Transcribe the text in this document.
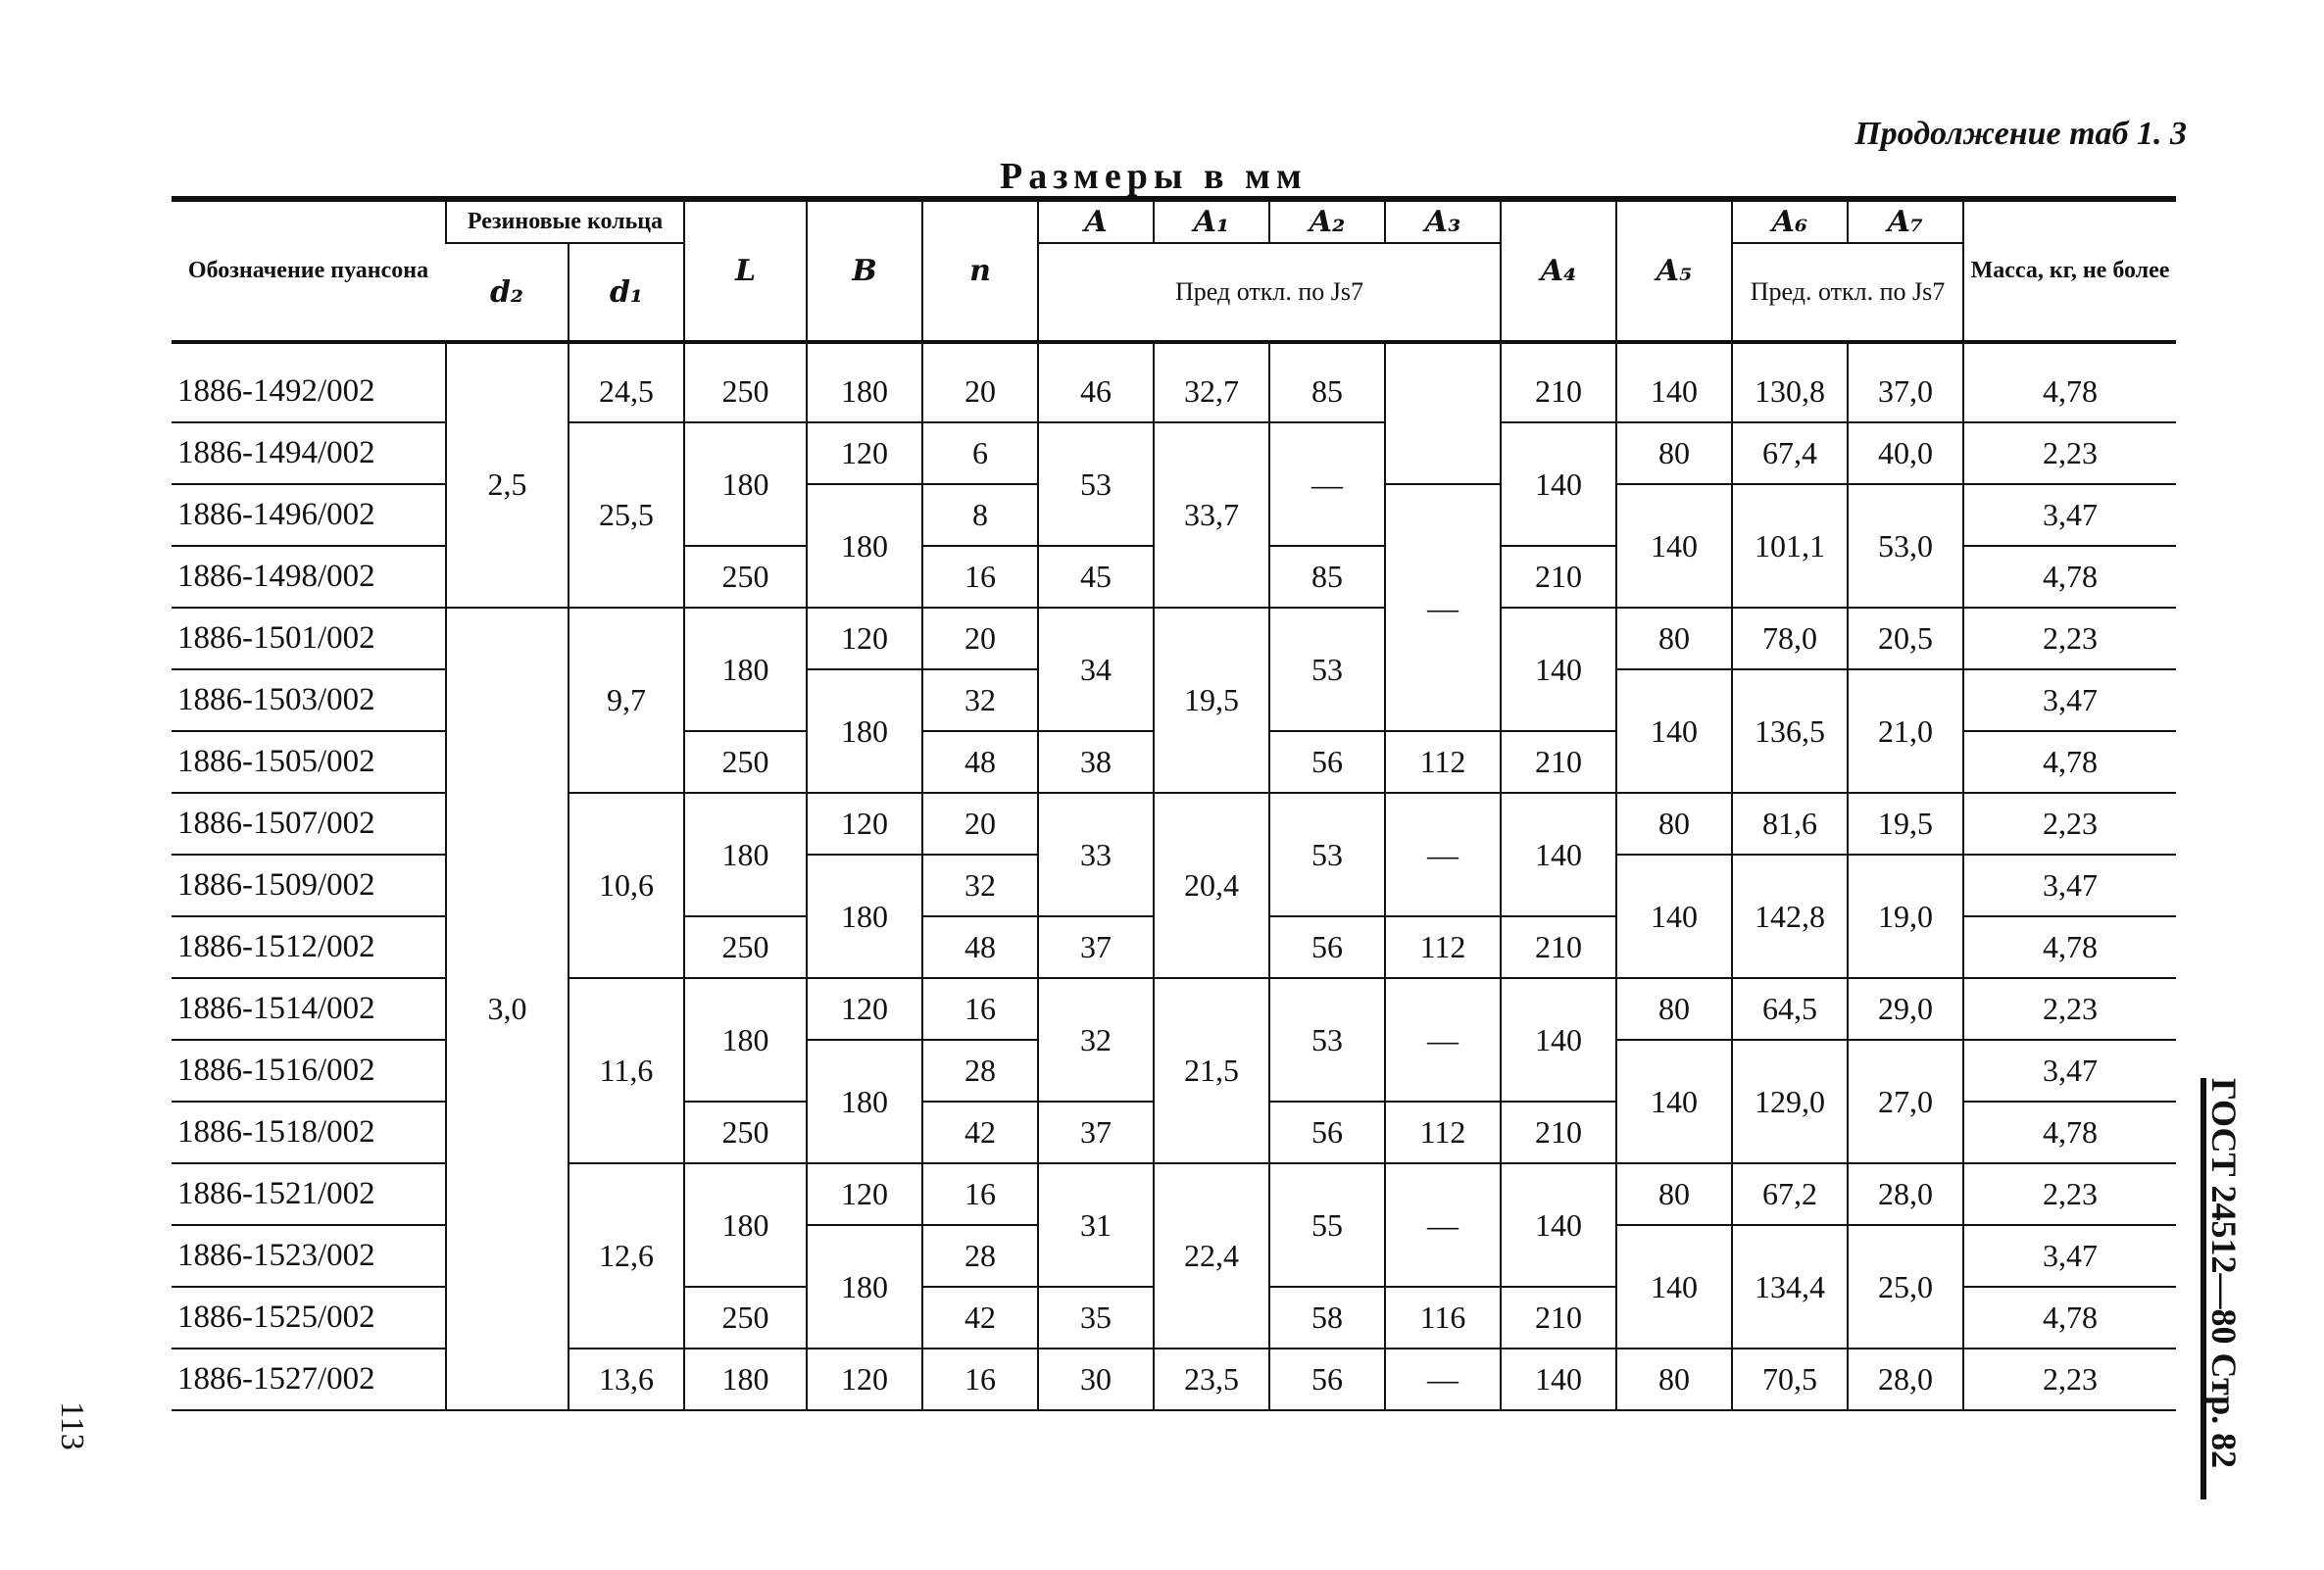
Продолжение таб 1. 3
Размеры в мм
Обозначение пуансона	Резиновые кольца		L	B	n	A	A₁	A₂	A₃	A₄	A₅	A₆	A₇	Масса, кг, не более
	d₂	d₁				Пред откл. по Js7						Пред. откл. по Js7		
1886-1492/002	2,5	24,5	250	180	20	46	32,7	85		210	140	130,8	37,0	4,78
1886-1494/002		25,5	180	120	6	53	33,7	—		140	80	67,4	40,0	2,23
1886-1496/002				180	8				—		140	101,1	53,0	3,47
1886-1498/002			250		16	45		85		210				4,78
1886-1501/002	3,0	9,7	180	120	20	34	19,5	53		140	80	78,0	20,5	2,23
1886-1503/002				180	32						140	136,5	21,0	3,47
1886-1505/002			250		48	38		56	112	210				4,78
1886-1507/002		10,6	180	120	20	33	20,4	53	—	140	80	81,6	19,5	2,23
1886-1509/002				180	32						140	142,8	19,0	3,47
1886-1512/002			250		48	37		56	112	210				4,78
1886-1514/002		11,6	180	120	16	32	21,5	53	—	140	80	64,5	29,0	2,23
1886-1516/002				180	28						140	129,0	27,0	3,47
1886-1518/002			250		42	37		56	112	210				4,78
1886-1521/002		12,6	180	120	16	31	22,4	55	—	140	80	67,2	28,0	2,23
1886-1523/002				180	28						140	134,4	25,0	3,47
1886-1525/002			250		42	35		58	116	210				4,78
1886-1527/002		13,6	180	120	16	30	23,5	56	—	140	80	70,5	28,0	2,23	ГОСТ 24512—80 Стр. 82
113
